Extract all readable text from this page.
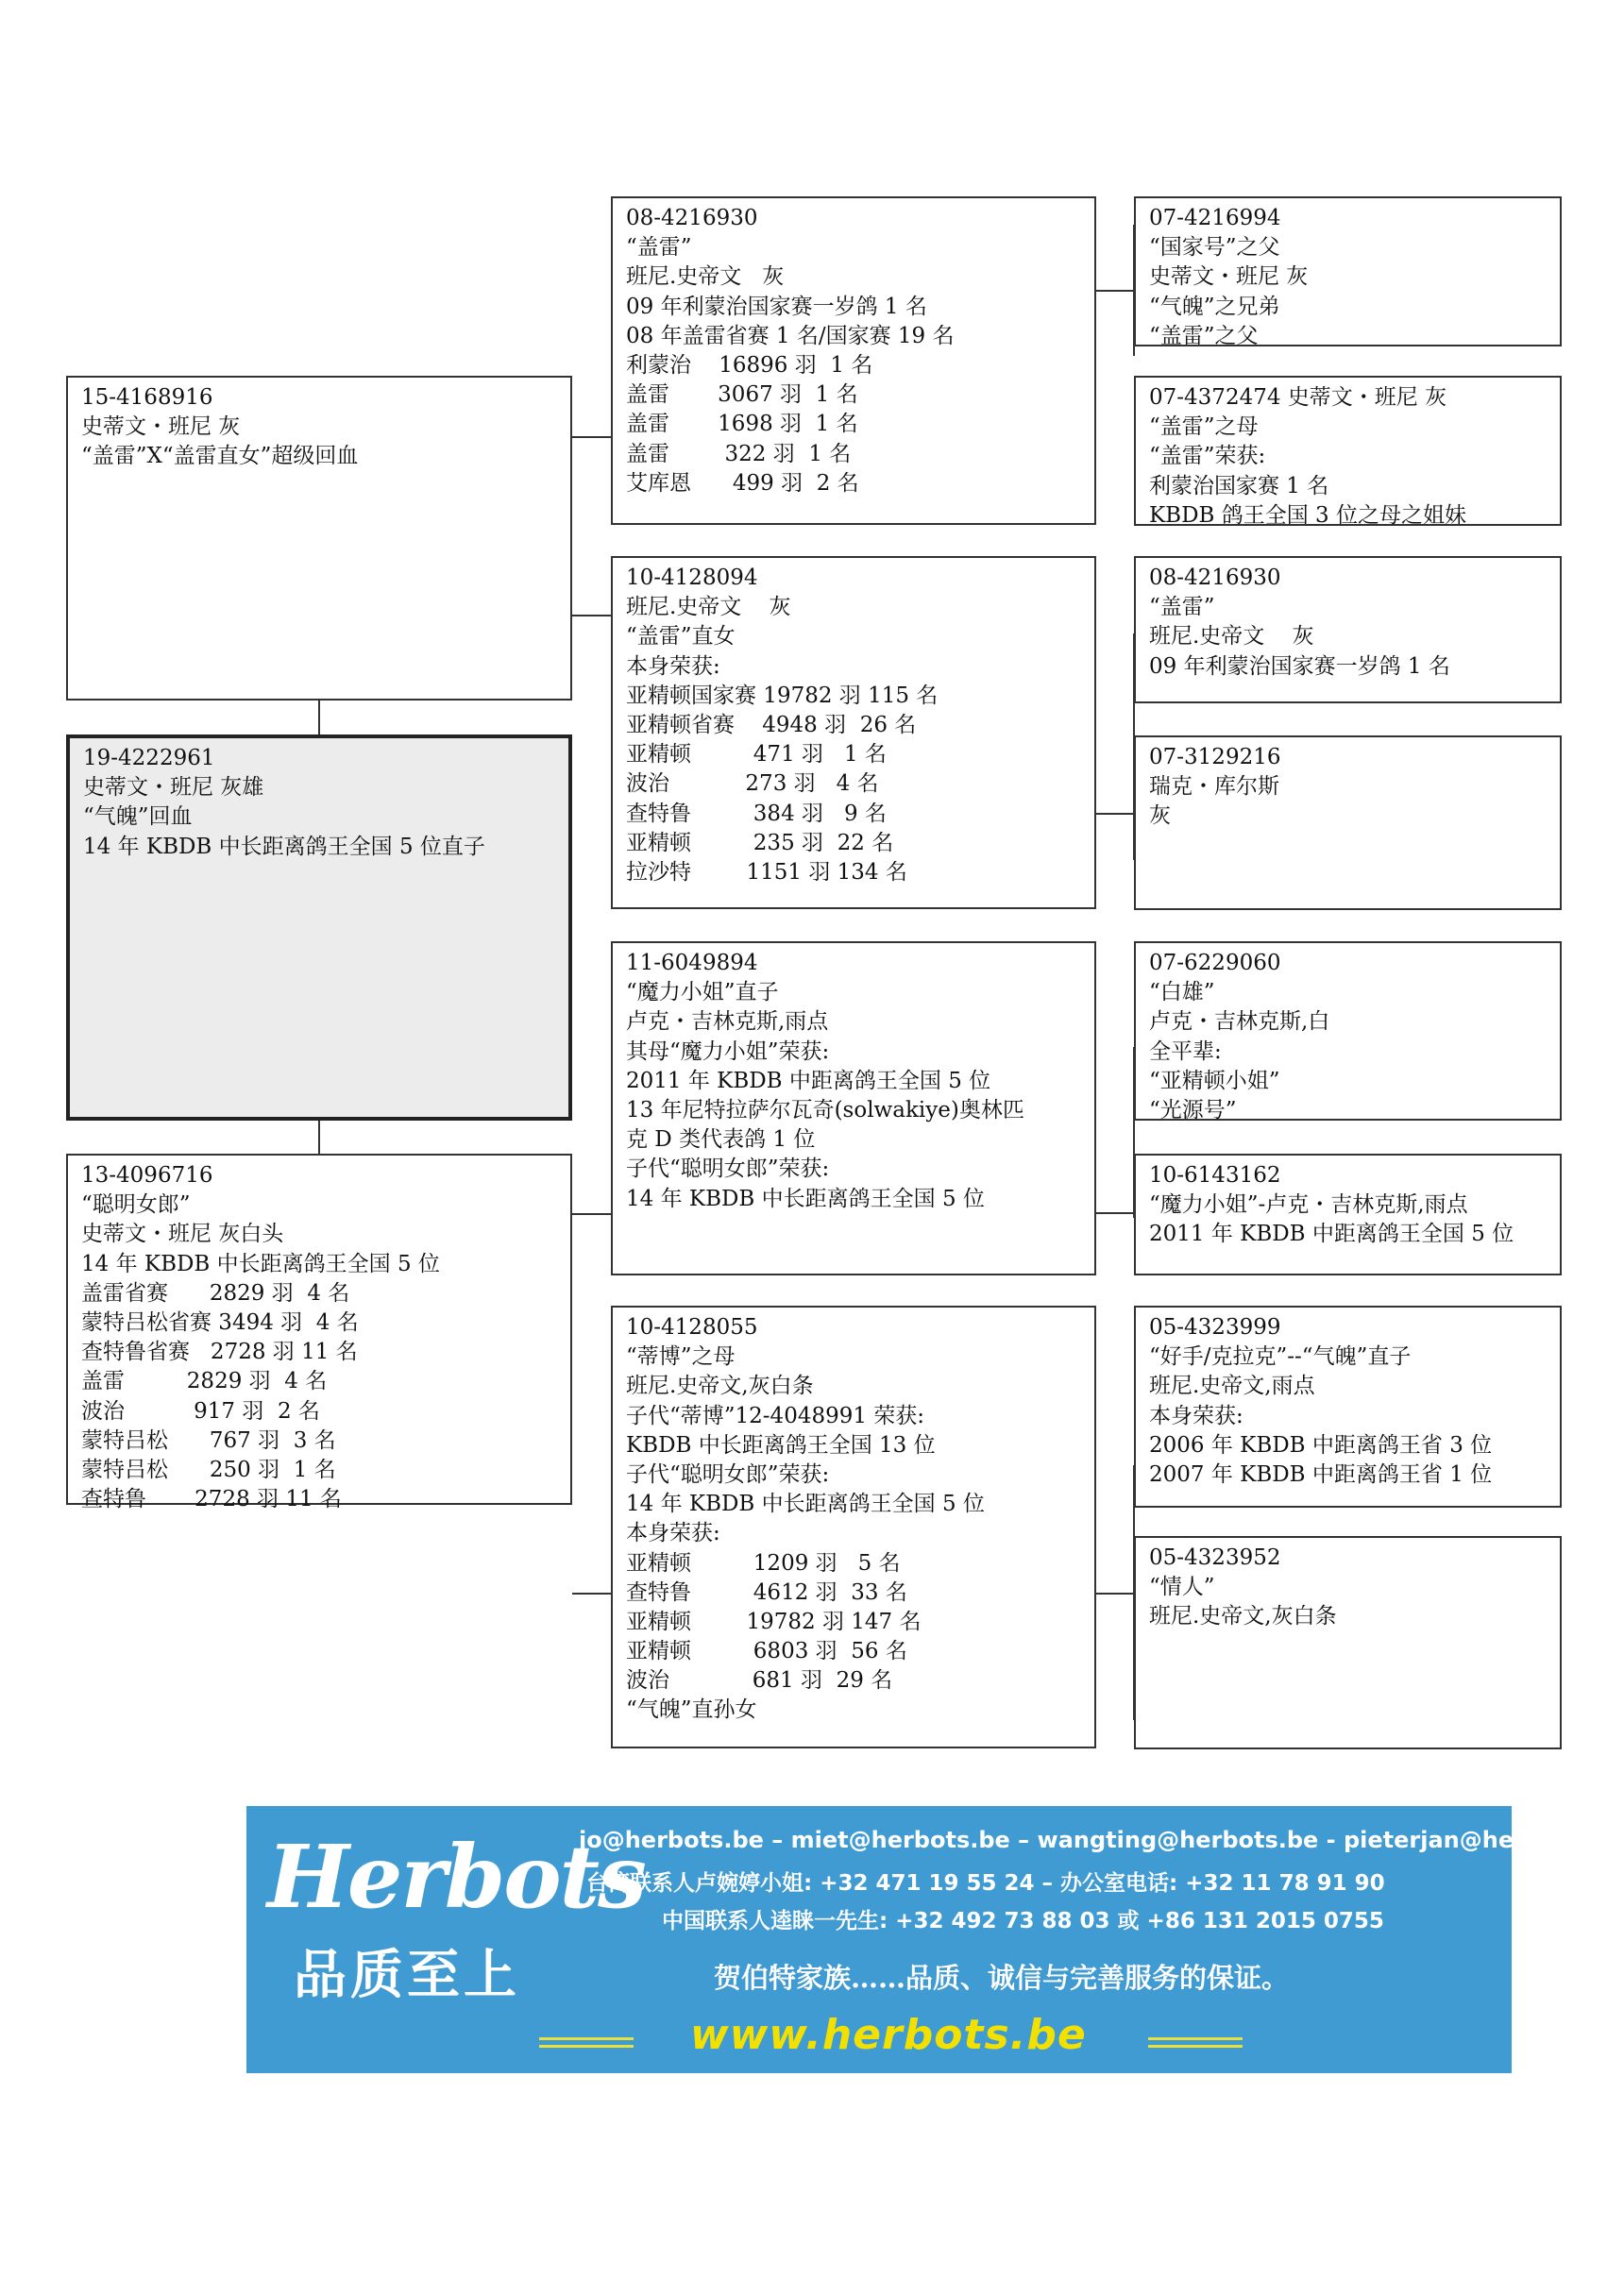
15-4168916
史蒂文・班尼 灰
“盖雷”X“盖雷直女”超级回血
19-4222961
史蒂文・班尼 灰雄
“气魄”回血
14 年 KBDB 中长距离鸽王全国 5 位直子
13-4096716
“聪明女郎”
史蒂文・班尼 灰白头
14 年 KBDB 中长距离鸽王全国 5 位
盖雷省赛      2829 羽  4 名
蒙特吕松省赛 3494 羽  4 名
查特鲁省赛   2728 羽 11 名
盖雷         2829 羽  4 名
波治          917 羽  2 名
蒙特吕松      767 羽  3 名
蒙特吕松      250 羽  1 名
查特鲁       2728 羽 11 名
08-4216930
“盖雷”
班尼.史帝文   灰
09 年利蒙治国家赛一岁鸽 1 名
08 年盖雷省赛 1 名/国家赛 19 名
利蒙治    16896 羽  1 名
盖雷       3067 羽  1 名
盖雷       1698 羽  1 名
盖雷        322 羽  1 名
艾库恩      499 羽  2 名
10-4128094
班尼.史帝文    灰
“盖雷”直女
本身荣获:
亚精顿国家赛 19782 羽 115 名
亚精顿省赛    4948 羽  26 名
亚精顿         471 羽   1 名
波治           273 羽   4 名
查特鲁         384 羽   9 名
亚精顿         235 羽  22 名
拉沙特        1151 羽 134 名
11-6049894
“魔力小姐”直子
卢克・吉林克斯,雨点
其母“魔力小姐”荣获:
2011 年 KBDB 中距离鸽王全国 5 位
13 年尼特拉萨尔瓦奇(solwakiye)奥林匹
克 D 类代表鸽 1 位
子代“聪明女郎”荣获:
14 年 KBDB 中长距离鸽王全国 5 位
10-4128055
“蒂博”之母
班尼.史帝文,灰白条
子代“蒂博”12-4048991 荣获:
KBDB 中长距离鸽王全国 13 位
子代“聪明女郎”荣获:
14 年 KBDB 中长距离鸽王全国 5 位
本身荣获:
亚精顿         1209 羽   5 名
查特鲁         4612 羽  33 名
亚精顿        19782 羽 147 名
亚精顿         6803 羽  56 名
波治            681 羽  29 名
“气魄”直孙女
07-4216994
“国家号”之父
史蒂文・班尼 灰
“气魄”之兄弟
“盖雷”之父
07-4372474 史蒂文・班尼 灰
“盖雷”之母
“盖雷”荣获:
利蒙治国家赛 1 名
KBDB 鸽王全国 3 位之母之姐妹
08-4216930
“盖雷”
班尼.史帝文    灰
09 年利蒙治国家赛一岁鸽 1 名
07-3129216
瑞克・库尔斯
灰
07-6229060
“白雄”
卢克・吉林克斯,白
全平辈:
“亚精顿小姐”
“光源号”
10-6143162
“魔力小姐”-卢克・吉林克斯,雨点
2011 年 KBDB 中距离鸽王全国 5 位
05-4323999
“好手/克拉克”--“气魄”直子
班尼.史帝文,雨点
本身荣获:
2006 年 KBDB 中距离鸽王省 3 位
2007 年 KBDB 中距离鸽王省 1 位
05-4323952
“情人”
班尼.史帝文,灰白条
Herbots
品质至上
jo@herbots.be – miet@herbots.be – wangting@herbots.be - pieterjan@herbots.be
台湾联系人卢婉婷小姐: +32 471 19 55 24 – 办公室电话: +32 11 78 91 90
中国联系人逵睐一先生: +32 492 73 88 03 或 +86 131 2015 0755
贺伯特家族……品质、诚信与完善服务的保证。
www.herbots.be
